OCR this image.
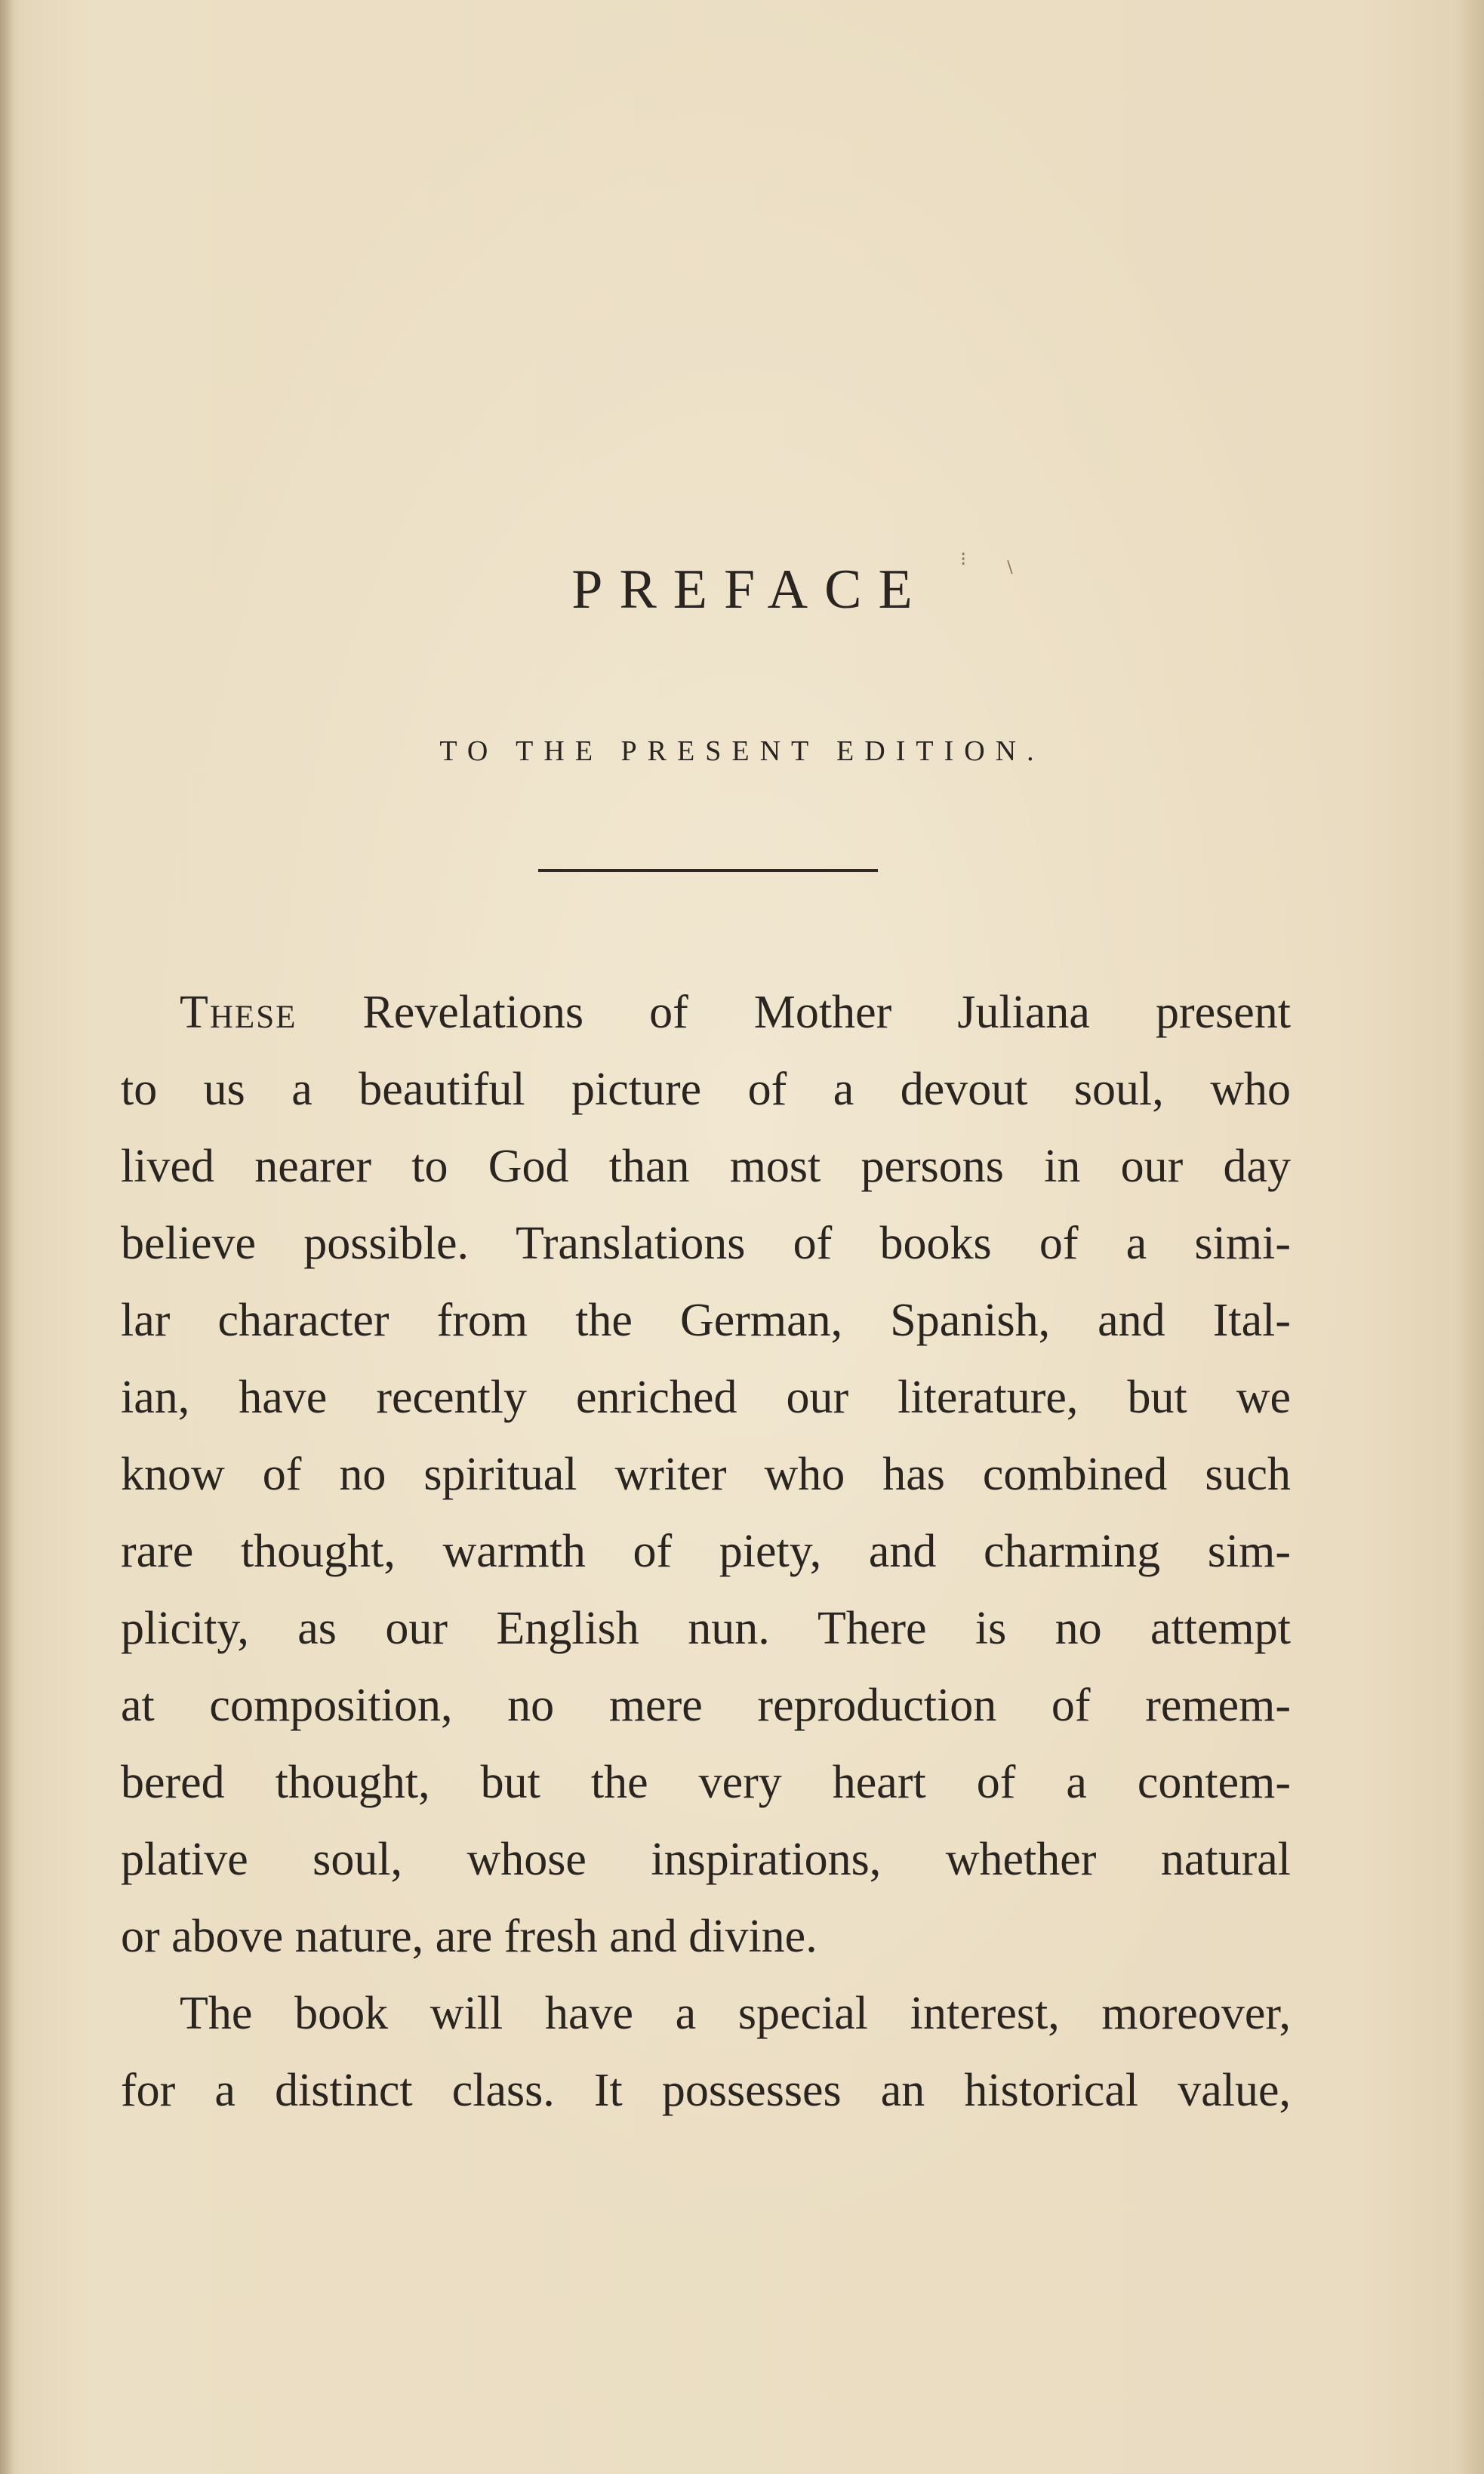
⁝ ∖
PREFACE
TO THE PRESENT EDITION.
These Revelations of Mother Juliana present
to us a beautiful picture of a devout soul, who
lived nearer to God than most persons in our day
believe possible. Translations of books of a simi-
lar character from the German, Spanish, and Ital-
ian, have recently enriched our literature, but we
know of no spiritual writer who has combined such
rare thought, warmth of piety, and charming sim-
plicity, as our English nun. There is no attempt
at composition, no mere reproduction of remem-
bered thought, but the very heart of a contem-
plative soul, whose inspirations, whether natural
or above nature, are fresh and divine.
The book will have a special interest, moreover,
for a distinct class. It possesses an historical value,
